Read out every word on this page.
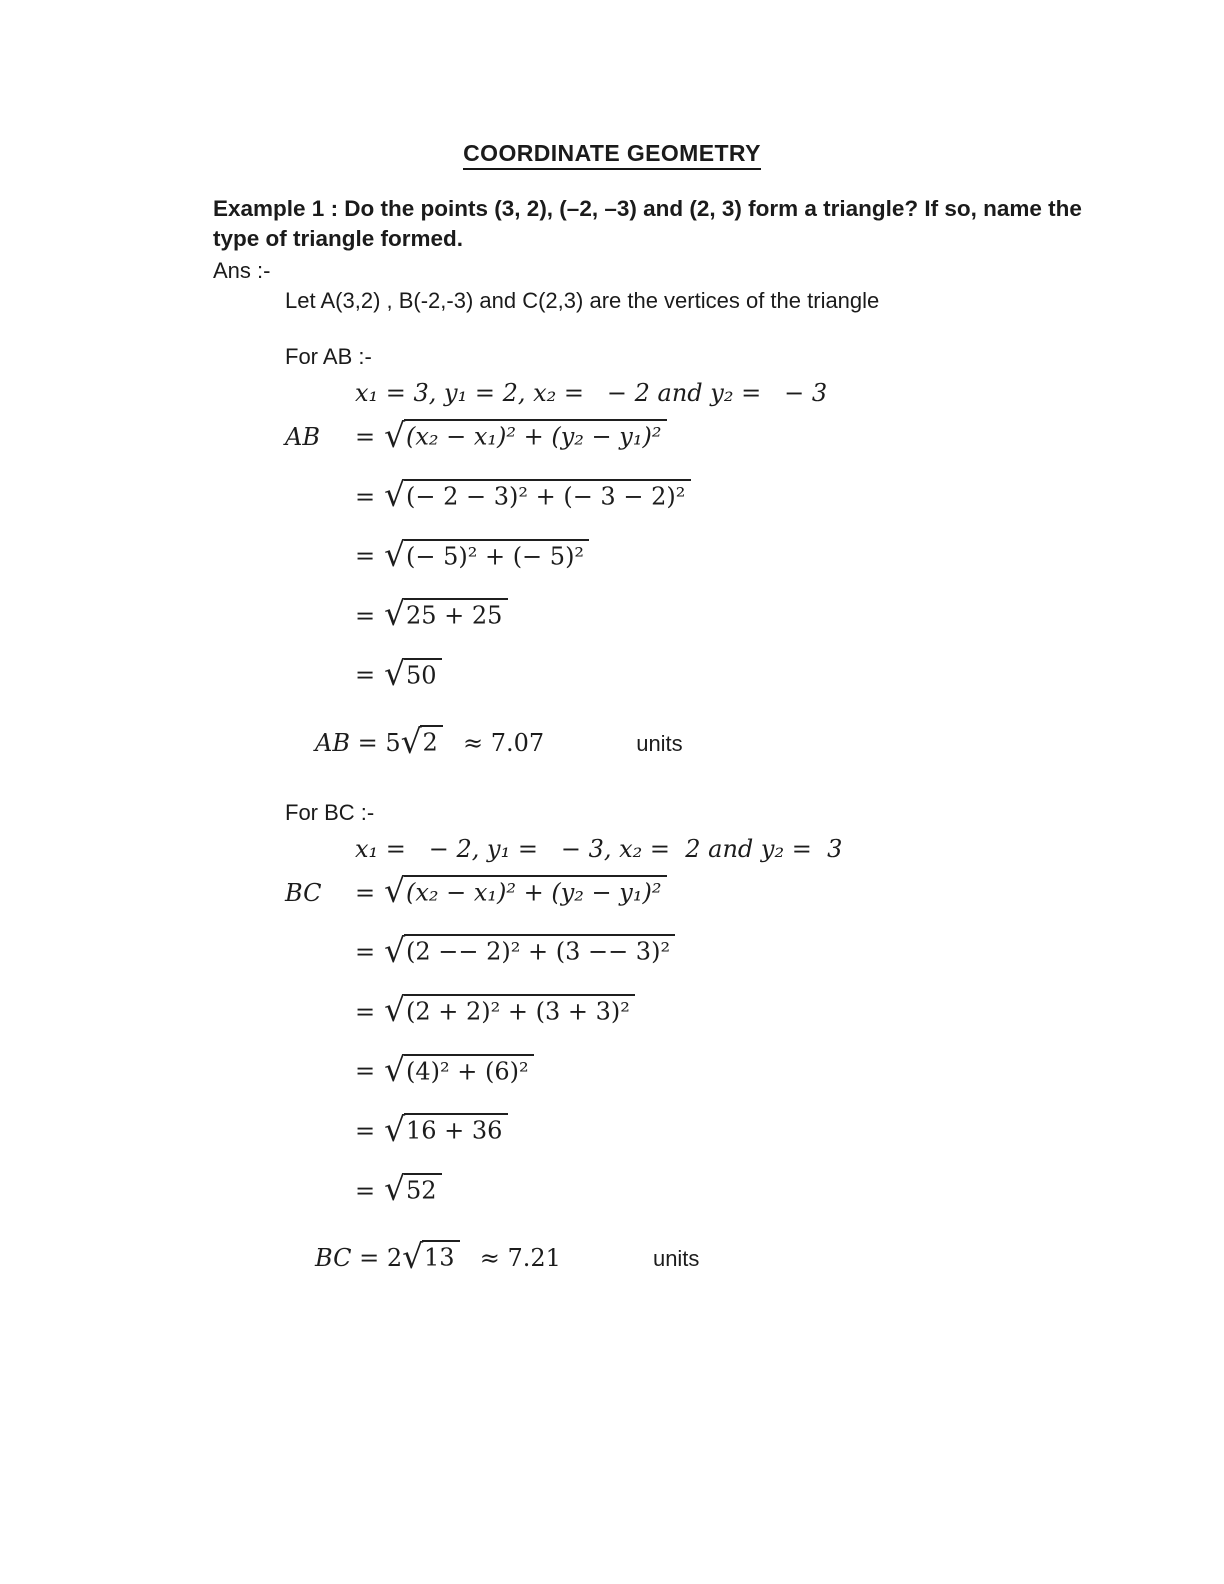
COORDINATE GEOMETRY

Example 1 : Do the points (3, 2), (–2, –3) and (2, 3) form a triangle? If so, name the
type of triangle formed.

Ans :-

Let A(3,2) , B(-2,-3) and C(2,3) are the vertices of the triangle

For AB :-

x₁ = 3, y₁ = 2, x₂ =   − 2 and y₂ =   − 3
AB = √(x₂ − x₁)² + (y₂ − y₁)²
= √(− 2 − 3)² + (− 3 − 2)²
= √(− 5)² + (− 5)²
= √25 + 25
= √50
AB = 5√2 ≈ 7.07	units

For BC :-

x₁ =   − 2, y₁ =   − 3, x₂ =  2 and y₂ =  3
BC = √(x₂ − x₁)² + (y₂ − y₁)²
= √(2 −− 2)² + (3 −− 3)²
= √(2 + 2)² + (3 + 3)²
= √(4)² + (6)²
= √16 + 36
= √52
BC = 2√13 ≈ 7.21	units
